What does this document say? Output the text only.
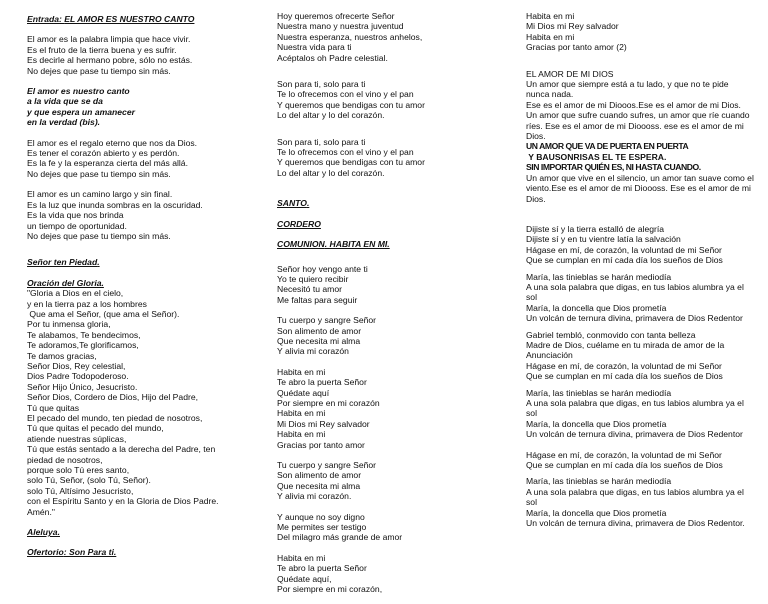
Entrada: EL AMOR ES NUESTRO CANTO
El amor es la palabra limpia que hace vivir.
Es el fruto de la tierra buena y es sufrir.
Es decirle al hermano pobre, sólo no estás.
No dejes que pase tu tiempo sin más.
El amor es nuestro canto
a la vida que se da
y que espera un amanecer
en la verdad (bis).
El amor es el regalo eterno que nos da Dios.
Es tener el corazón abierto y es perdón.
Es la fe y la esperanza cierta del más allá.
No dejes que pase tu tiempo sin más.
El amor es un camino largo y sin final.
Es la luz que inunda sombras en la oscuridad.
Es la vida que nos brinda
un tiempo de oportunidad.
No dejes que pase tu tiempo sin más.
Señor ten Piedad.
Oración del Gloria.
"Gloria a Dios en el cielo,
y en la tierra paz a los hombres
Que ama el Señor, (que ama el Señor).
Por tu inmensa gloria,
Te alabamos, Te bendecimos,
Te adoramos,Te glorificamos,
Te damos gracias,
Señor Dios, Rey celestial,
Dios Padre Todopoderoso.
Señor Hijo Único, Jesucristo.
Señor Dios, Cordero de Dios, Hijo del Padre,
Tú que quitas
El pecado del mundo, ten piedad de nosotros,
Tú que quitas el pecado del mundo,
atiende nuestras súplicas,
Tú que estás sentado a la derecha del Padre, ten
piedad de nosotros,
porque solo Tú eres santo,
solo Tú, Señor, (solo Tú, Señor).
solo Tú, Altísimo Jesucristo,
con el Espíritu Santo y en la Gloria de Dios Padre.
Amén."
Aleluya.
Ofertorio: Son Para ti.
Hoy queremos ofrecerte Señor
Nuestra mano y nuestra juventud
Nuestra esperanza, nuestros anhelos,
Nuestra vida para ti
Acéptalos oh Padre celestial.
Son para ti, solo para ti
Te lo ofrecemos con el vino y el pan
Y queremos que bendigas con tu amor
Lo del altar y lo del corazón.
Son para ti, solo para ti
Te lo ofrecemos con el vino y el pan
Y queremos que bendigas con tu amor
Lo del altar y lo del corazón.
SANTO.
CORDERO
COMUNION. HABITA EN MI.
Señor hoy vengo ante ti
Yo te quiero recibir
Necesitó tu amor
Me faltas para seguir
Tu cuerpo y sangre Señor
Son alimento de amor
Que necesita mi alma
Y alivia mi corazón
Habita en mi
Te abro la puerta Señor
Quédate aquí
Por siempre en mi corazón
Habita en mi
Mi Dios mi Rey salvador
Habita en mi
Gracias por tanto amor
Tu cuerpo y sangre Señor
Son alimento de amor
Que necesita mi alma
Y alivia mi corazón.
Y aunque no soy digno
Me permites ser testigo
Del milagro más grande de amor
Habita en mi
Te abro la puerta Señor
Quédate aquí,
Por siempre en mi corazón,
Habita en mi
Mi Dios mi Rey salvador
Habita en mi
Gracias por tanto amor (2)
EL AMOR DE MI DIOS
Un amor que siempre está a tu lado, y que no te pide nunca nada.
Ese es el amor de mi Diooos.Ese es el amor de mi Dios.
Un amor que sufre cuando sufres, un amor que ríe cuando ríes. Ese es el amor de mi Dioooss. ese es el amor de mi Dios.
UN AMOR QUE VA DE PUERTA EN PUERTA
Y BAUSONRISAS EL TE ESPERA.
SIN IMPORTAR QUIÉN ES, NI HASTA CUANDO.
Un amor que vive en el silencio, un amor tan suave como el viento.Ese es el amor de mi Dioooss. Ese es el amor de mi Dios.
Dijiste sí y la tierra estalló de alegría
Dijiste sí y en tu vientre latía la salvación
Hágase en mí, de corazón, la voluntad de mi Señor
Que se cumplan en mí cada día los sueños de Dios
María, las tinieblas se harán mediodía
A una sola palabra que digas, en tus labios alumbra ya el sol
María, la doncella que Dios prometía
Un volcán de ternura divina, primavera de Dios Redentor
Gabriel tembló, conmovido con tanta belleza
Madre de Dios, cuélame en tu mirada de amor de la Anunciación
Hágase en mí, de corazón, la voluntad de mi Señor
Que se cumplan en mí cada día los sueños de Dios
María, las tinieblas se harán mediodía
A una sola palabra que digas, en tus labios alumbra ya el sol
María, la doncella que Dios prometía
Un volcán de ternura divina, primavera de Dios Redentor
Hágase en mí, de corazón, la voluntad de mi Señor
Que se cumplan en mí cada día los sueños de Dios
María, las tinieblas se harán mediodía
A una sola palabra que digas, en tus labios alumbra ya el sol
María, la doncella que Dios prometía
Un volcán de ternura divina, primavera de Dios Redentor.
